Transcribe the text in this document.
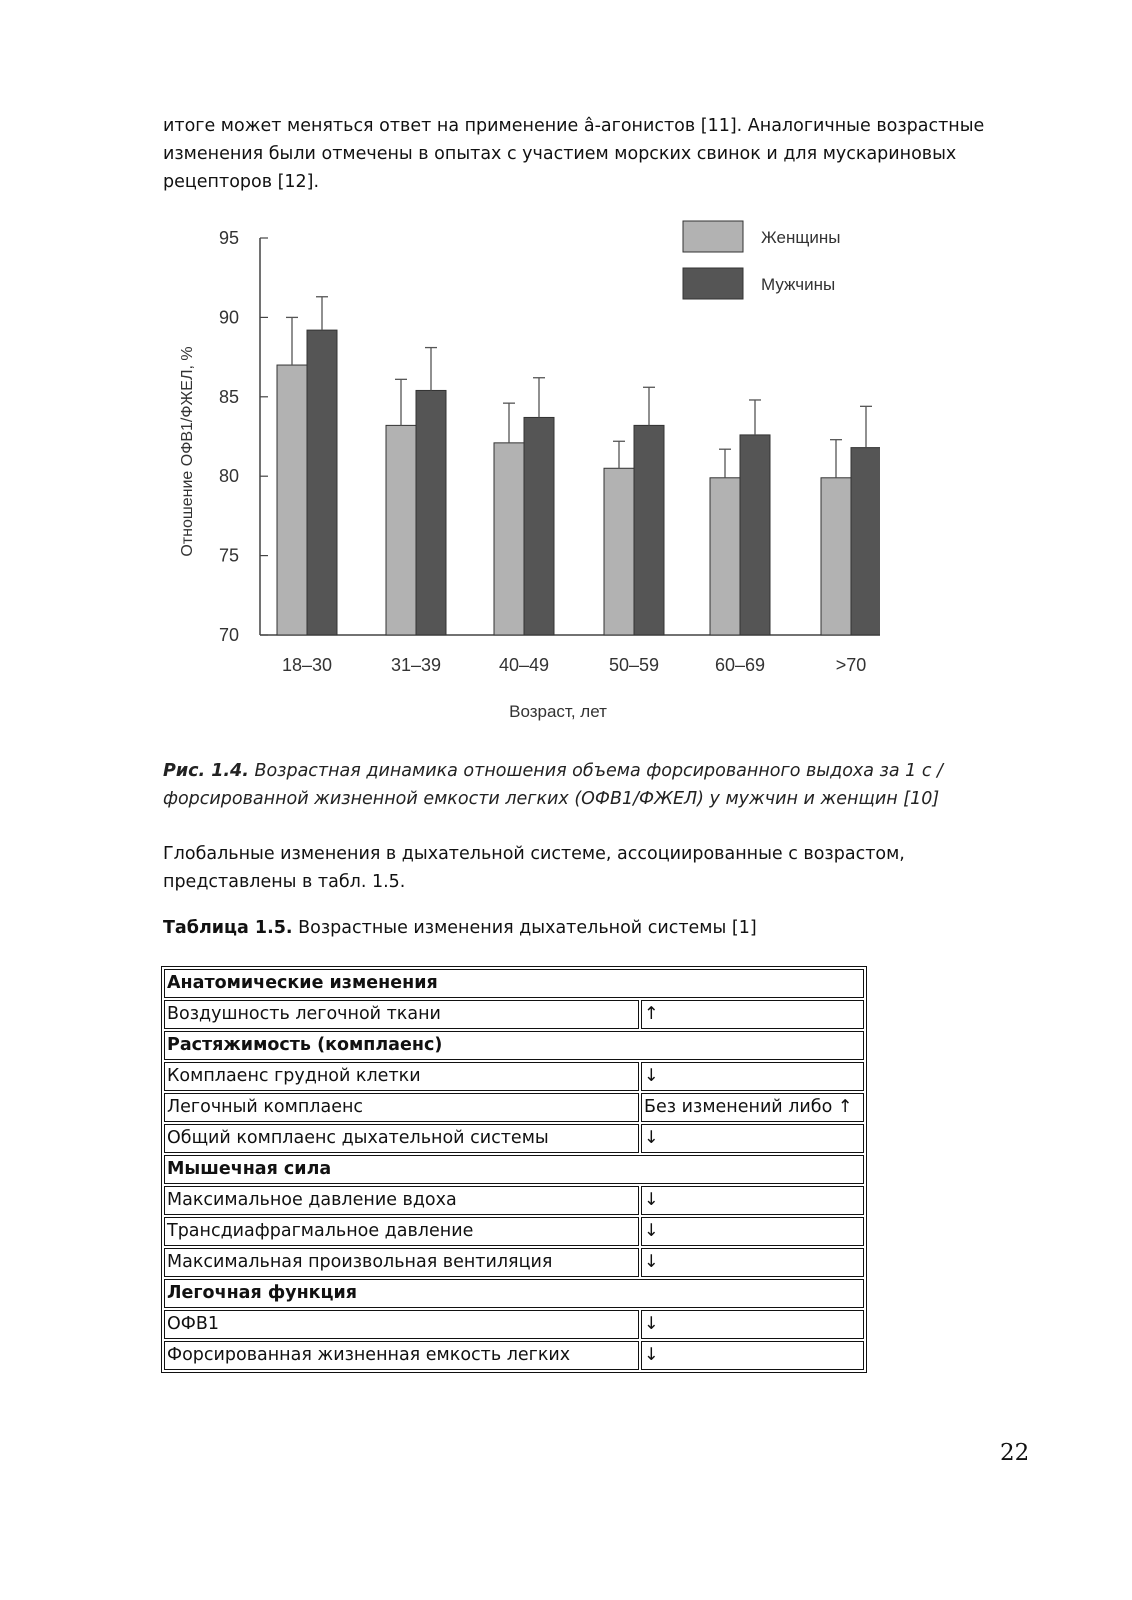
итоге может меняться ответ на применение â-агонистов [11]. Аналогичные возрастные изменения были отмечены в опытах с участием морских свинок и для мускариновых рецепторов [12].

70
75
80
85
90
95
18–30	31–39	40–49	50–59	60–69	>70
Возраст, лет
Отношение ОФВ1/ФЖЕЛ, %
Женщины
Мужчины

Рис. 1.4. Возрастная динамика отношения объема форсированного выдоха за 1 с / форсированной жизненной емкости легких (ОФВ1/ФЖЕЛ) у мужчин и женщин [10]

Глобальные изменения в дыхательной системе, ассоциированные с возрастом, представлены в табл. 1.5.

Таблица 1.5. Возрастные изменения дыхательной системы [1]

Анатомические изменения	
Воздушность легочной ткани	↑
Растяжимость (комплаенс)	
Комплаенс грудной клетки	↓
Легочный комплаенс	Без изменений либо ↑
Общий комплаенс дыхательной системы	↓
Мышечная сила	
Максимальное давление вдоха	↓
Трансдиафрагмальное давление	↓
Максимальная произвольная вентиляция	↓
Легочная функция	
ОФВ1	↓
Форсированная жизненная емкость легких	↓
22
